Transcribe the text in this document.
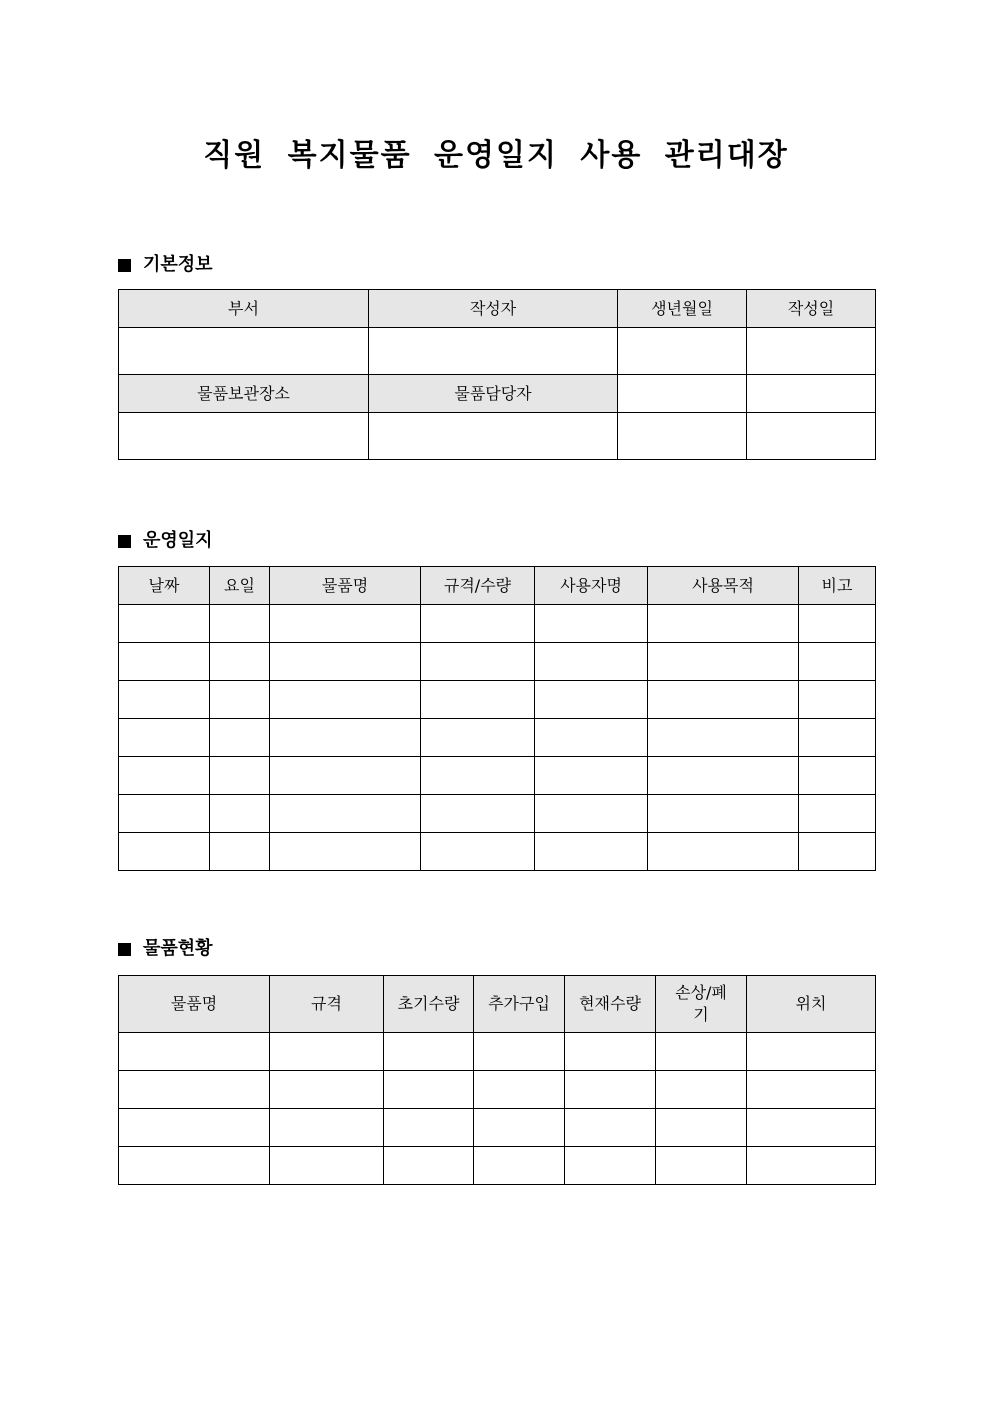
직원 복지물품 운영일지 사용 관리대장
기본정보
부서	작성자	생년월일	작성일

물품보관장소	물품담당자		

운영일지
날짜	요일	물품명	규격/수량	사용자명	사용목적	비고

물품현황
물품명	규격	초기수량	추가구입	현재수량	손상/폐기	위치
